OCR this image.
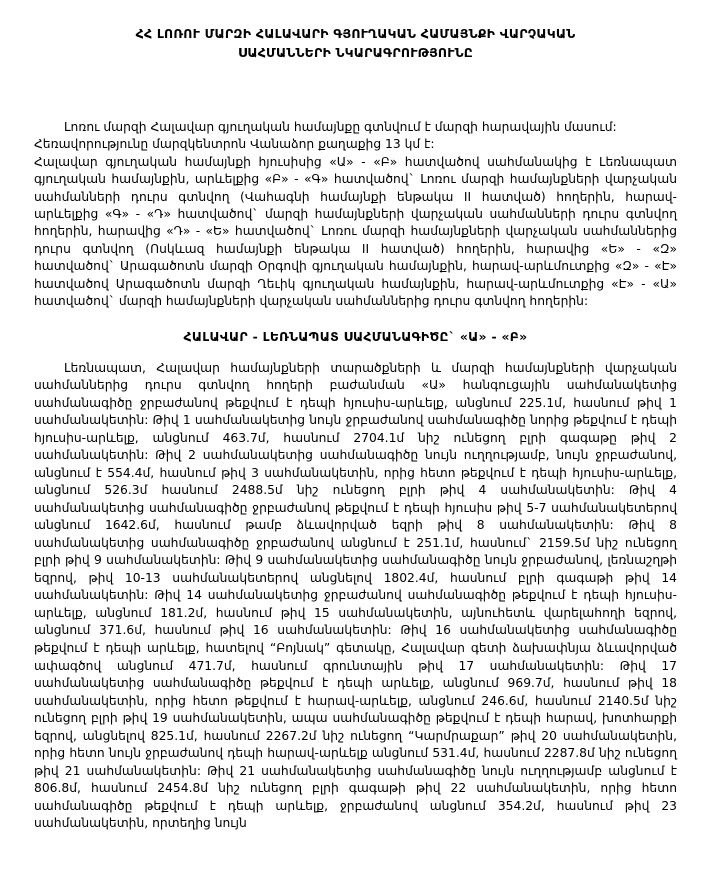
ՀՀ ԼՈՌՈՒ ՄԱՐԶԻ ՀԱԼԱՎԱՐԻ ԳՅՈՒՂԱԿԱՆ ՀԱՄԱՅՆՔԻ ՎԱՐՉԱԿԱՆ
ՍԱՀՄԱՆՆԵՐԻ ՆԿԱՐԱԳՐՈՒԹՅՈՒՆԸ
Լոռու մարզի Հալավար գյուղական համայնքը գտնվում է մարզի հարավային մասում:
Հեռավորությունը մարզկենտրոն Վանաձոր քաղաքից 13 կմ է:
Հալավար գյուղական համայնքի հյուսիսից «Ա» - «Բ» հատվածով սահմանակից է Լեռնապատ գյուղական համայնքին, արևելքից «Բ» - «Գ» հատվածով` Լոռու մարզի համայնքների վարչական սահմանների դուրս գտնվող (Վահագնի համայնքի ենթակա II հատված) հողերին, հարավ-արևելքից «Գ» - «Դ» հատվածով` մարզի համայնքների վարչական սահմանների դուրս գտնվող հողերին, հարավից «Դ» - «Ե» հատվածով` Լոռու մարզի համայնքների վարչական սահմաններից դուրս գտնվող (Ոսկևազ համայնքի ենթակա II հատված) հողերին, հարավից «Ե» - «Զ» հատվածով` Արագածոտն մարզի Օրգովի գյուղական համայնքին, հարավ-արևմուտքից «Զ» - «Է» հատվածով Արագածոտն մարզի Ղեւիկ գյուղական համայնքին, հարավ-արևմուտքից «Է» - «Ա» հատվածով` մարզի համայնքների վարչական սահմաններից դուրս գտնվող հողերին:
ՀԱԼԱՎԱՐ - ԼԵՌՆԱՊԱՏ ՍԱՀՄԱՆԱԳԻԾԸ` «Ա» - «Բ»

Լեռնապատ, Հալավար համայնքների տարածքների և մարզի համայնքների վարչական սահմաններից դուրս գտնվող հողերի բաժանման «Ա» հանգուցային սահմանակետից սահմանագիծը ջրբաժանով թեքվում է դեպի հյուսիս-արևելք, անցնում 225.1մ, հասնում թիվ 1 սահմանակետին: Թիվ 1 սահմանակետից նույն ջրբաժանով սահմանագիծը նորից թեքվում է դեպի հյուսիս-արևելք, անցնում 463.7մ, հասնում 2704.1մ նիշ ունեցող բլրի գագաթը թիվ 2 սահմանակետին: Թիվ 2 սահմանակետից սահմանագիծը նույն ուղղությամբ, նույն ջրբաժանով, անցնում է 554.4մ, հասնում թիվ 3 սահմանակետին, որից հետո թեքվում է դեպի հյուսիս-արևելք, անցնում 526.3մ հասնում 2488.5մ նիշ ունեցող բլրի թիվ 4 սահմանակետին: Թիվ 4 սահմանակետից սահմանագիծը ջրբաժանով թեքվում է դեպի հյուսիս թիվ 5-7 սահմանակետերով անցնում 1642.6մ, հասնում թամբ ձևավորված եզրի թիվ 8 սահմանակետին: Թիվ 8 սահմանակետից սահմանագիծը ջրբաժանով անցնում է 251.1մ, հասնում` 2159.5մ նիշ ունեցող բլրի թիվ 9 սահմանակետին: Թիվ 9 սահմանակետից սահմանագիծը նույն ջրբաժանով, լեռնաշղթի եզրով, թիվ 10-13 սահմանակետերով անցնելով 1802.4մ, հասնում բլրի գագաթի թիվ 14 սահմանակետին: Թիվ 14 սահմանակետից ջրբաժանով սահմանագիծը թեքվում է դեպի հյուսիս-արևելք, անցնում 181.2մ, հասնում թիվ 15 սահմանակետին, այնուհետև վարելահողի եզրով, անցնում 371.6մ, հասնում թիվ 16 սահմանակետին: Թիվ 16 սահմանակետից սահմանագիծը թեքվում է դեպի արևելք, հատելով “Բոյնակ” գետակը, Հալավար գետի ձախափնյա ձևավորված ափագծով անցնում 471.7մ, հասնում գրունտային թիվ 17 սահմանակետին: Թիվ 17 սահմանակետից սահմանագիծը թեքվում է դեպի արևելք, անցնում 969.7մ, հասնում թիվ 18 սահմանակետին, որից հետո թեքվում է հարավ-արևելք, անցնում 246.6մ, հասնում 2140.5մ նիշ ունեցող բլրի թիվ 19 սահմանակետին, ապա սահմանագիծը թեքվում է դեպի հարավ, խոտհարքի եզրով, անցնելով 825.1մ, հասնում 2267.2մ նիշ ունեցող “Կարմրաքար” թիվ 20 սահմանակետին, որից հետո նույն ջրբաժանով դեպի հարավ-արևելք անցնում 531.4մ, հասնում 2287.8մ նիշ ունեցող թիվ 21 սահմանակետին: Թիվ 21 սահմանակետից սահմանագիծը նույն ուղղությամբ անցնում է 806.8մ, հասնում 2454.8մ նիշ ունեցող բլրի գագաթի թիվ 22 սահմանակետին, որից հետո սահմանագիծը թեքվում է դեպի արևելք, ջրբաժանով անցնում 354.2մ, հասնում թիվ 23 սահմանակետին, որտեղից նույն
